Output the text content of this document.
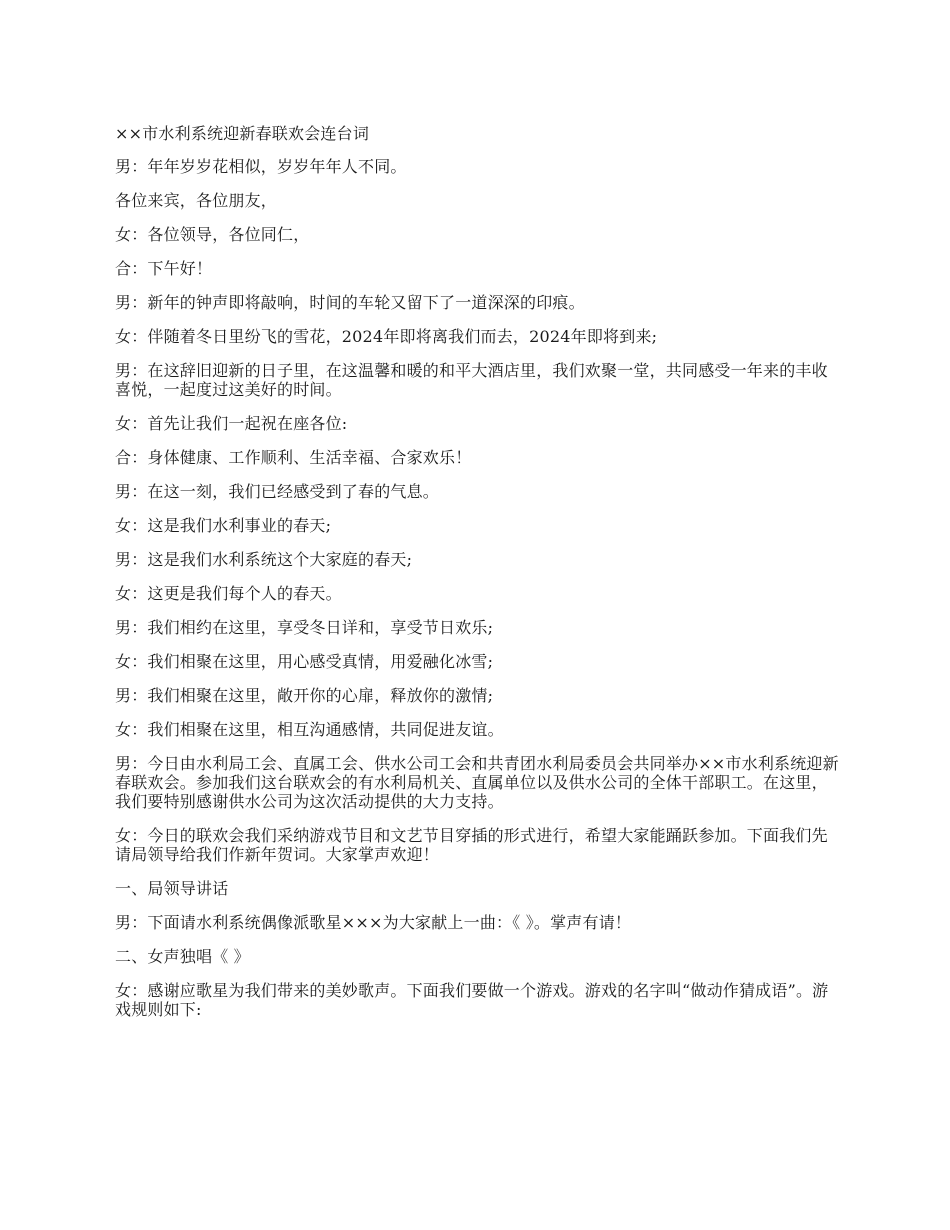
××市水利系统迎新春联欢会连台词

男：年年岁岁花相似，岁岁年年人不同。

各位来宾，各位朋友，

女：各位领导，各位同仁，

合：下午好！

男：新年的钟声即将敲响，时间的车轮又留下了一道深深的印痕。

女：伴随着冬日里纷飞的雪花，2024年即将离我们而去，2024年即将到来;

男：在这辞旧迎新的日子里，在这温馨和暖的和平大酒店里，我们欢聚一堂，共同感受一年来的丰收喜悦，一起度过这美好的时间。

女：首先让我们一起祝在座各位:

合：身体健康、工作顺利、生活幸福、合家欢乐！

男：在这一刻，我们已经感受到了春的气息。

女：这是我们水利事业的春天;

男：这是我们水利系统这个大家庭的春天;

女：这更是我们每个人的春天。

男：我们相约在这里，享受冬日详和，享受节日欢乐;

女：我们相聚在这里，用心感受真情，用爱融化冰雪;

男：我们相聚在这里，敞开你的心扉，释放你的激情;

女：我们相聚在这里，相互沟通感情，共同促进友谊。

男：今日由水利局工会、直属工会、供水公司工会和共青团水利局委员会共同举办××市水利系统迎新春联欢会。参加我们这台联欢会的有水利局机关、直属单位以及供水公司的全体干部职工。在这里，我们要特别感谢供水公司为这次活动提供的大力支持。

女：今日的联欢会我们采纳游戏节目和文艺节目穿插的形式进行，希望大家能踊跃参加。下面我们先请局领导给我们作新年贺词。大家掌声欢迎！

一、局领导讲话

男：下面请水利系统偶像派歌星×××为大家献上一曲：《 》。掌声有请！

二、女声独唱《 》

女：感谢应歌星为我们带来的美妙歌声。下面我们要做一个游戏。游戏的名字叫“做动作猜成语”。游戏规则如下:
